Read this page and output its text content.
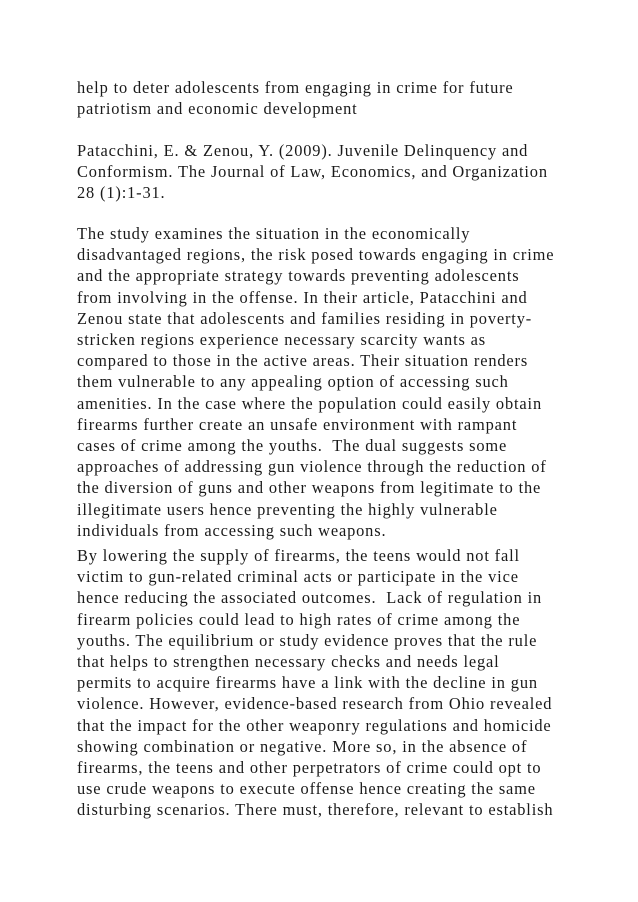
help to deter adolescents from engaging in crime for future
patriotism and economic development

Patacchini, E. & Zenou, Y. (2009). Juvenile Delinquency and
Conformism. The Journal of Law, Economics, and Organization
28 (1):1-31.

The study examines the situation in the economically
disadvantaged regions, the risk posed towards engaging in crime
and the appropriate strategy towards preventing adolescents
from involving in the offense. In their article, Patacchini and
Zenou state that adolescents and families residing in poverty-
stricken regions experience necessary scarcity wants as
compared to those in the active areas. Their situation renders
them vulnerable to any appealing option of accessing such
amenities. In the case where the population could easily obtain
firearms further create an unsafe environment with rampant
cases of crime among the youths.  The dual suggests some
approaches of addressing gun violence through the reduction of
the diversion of guns and other weapons from legitimate to the
illegitimate users hence preventing the highly vulnerable
individuals from accessing such weapons.

By lowering the supply of firearms, the teens would not fall
victim to gun-related criminal acts or participate in the vice
hence reducing the associated outcomes.  Lack of regulation in
firearm policies could lead to high rates of crime among the
youths. The equilibrium or study evidence proves that the rule
that helps to strengthen necessary checks and needs legal
permits to acquire firearms have a link with the decline in gun
violence. However, evidence-based research from Ohio revealed
that the impact for the other weaponry regulations and homicide
showing combination or negative. More so, in the absence of
firearms, the teens and other perpetrators of crime could opt to
use crude weapons to execute offense hence creating the same
disturbing scenarios. There must, therefore, relevant to establish
